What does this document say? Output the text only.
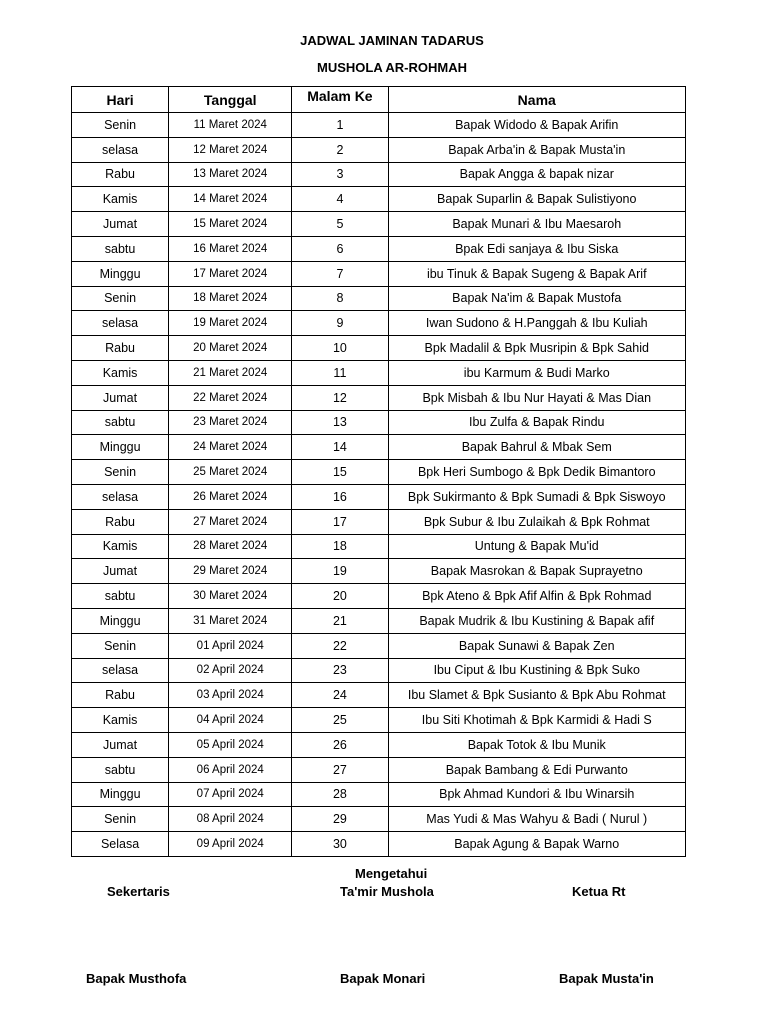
JADWAL JAMINAN TADARUS
MUSHOLA AR-ROHMAH
Hari	Tanggal	Malam Ke	Nama
Senin	11 Maret 2024	1	Bapak Widodo & Bapak Arifin
selasa	12 Maret 2024	2	Bapak Arba'in & Bapak Musta'in
Rabu	13 Maret 2024	3	Bapak Angga & bapak nizar
Kamis	14 Maret 2024	4	Bapak Suparlin & Bapak Sulistiyono
Jumat	15 Maret 2024	5	Bapak Munari & Ibu Maesaroh
sabtu	16 Maret 2024	6	Bpak Edi sanjaya & Ibu Siska
Minggu	17 Maret 2024	7	ibu Tinuk & Bapak Sugeng & Bapak Arif
Senin	18 Maret 2024	8	Bapak Na'im & Bapak Mustofa
selasa	19 Maret 2024	9	Iwan Sudono & H.Panggah & Ibu Kuliah
Rabu	20 Maret 2024	10	Bpk Madalil & Bpk Musripin & Bpk Sahid
Kamis	21 Maret 2024	11	ibu Karmum & Budi Marko
Jumat	22 Maret 2024	12	Bpk Misbah & Ibu Nur Hayati & Mas Dian
sabtu	23 Maret 2024	13	Ibu Zulfa & Bapak Rindu
Minggu	24 Maret 2024	14	Bapak Bahrul & Mbak Sem
Senin	25 Maret 2024	15	Bpk Heri Sumbogo & Bpk Dedik Bimantoro
selasa	26 Maret 2024	16	Bpk Sukirmanto & Bpk Sumadi & Bpk Siswoyo
Rabu	27 Maret 2024	17	Bpk Subur & Ibu Zulaikah & Bpk Rohmat
Kamis	28 Maret 2024	18	Untung & Bapak Mu'id
Jumat	29 Maret 2024	19	Bapak Masrokan & Bapak Suprayetno
sabtu	30 Maret 2024	20	Bpk Ateno & Bpk Afif Alfin & Bpk Rohmad
Minggu	31 Maret 2024	21	Bapak Mudrik & Ibu Kustining & Bapak afif
Senin	01 April 2024	22	Bapak Sunawi & Bapak Zen
selasa	02 April 2024	23	Ibu Ciput & Ibu Kustining & Bpk Suko
Rabu	03 April 2024	24	Ibu Slamet & Bpk Susianto & Bpk Abu Rohmat
Kamis	04 April 2024	25	Ibu Siti Khotimah & Bpk Karmidi & Hadi S
Jumat	05 April 2024	26	Bapak Totok & Ibu Munik
sabtu	06 April 2024	27	Bapak Bambang & Edi Purwanto
Minggu	07 April 2024	28	Bpk Ahmad Kundori & Ibu Winarsih
Senin	08 April 2024	29	Mas Yudi & Mas Wahyu & Badi ( Nurul )
Selasa	09 April 2024	30	Bapak Agung & Bapak Warno
Mengetahui
Sekertaris	Ta'mir Mushola	Ketua Rt
Bapak Musthofa	Bapak Monari	Bapak Musta'in
